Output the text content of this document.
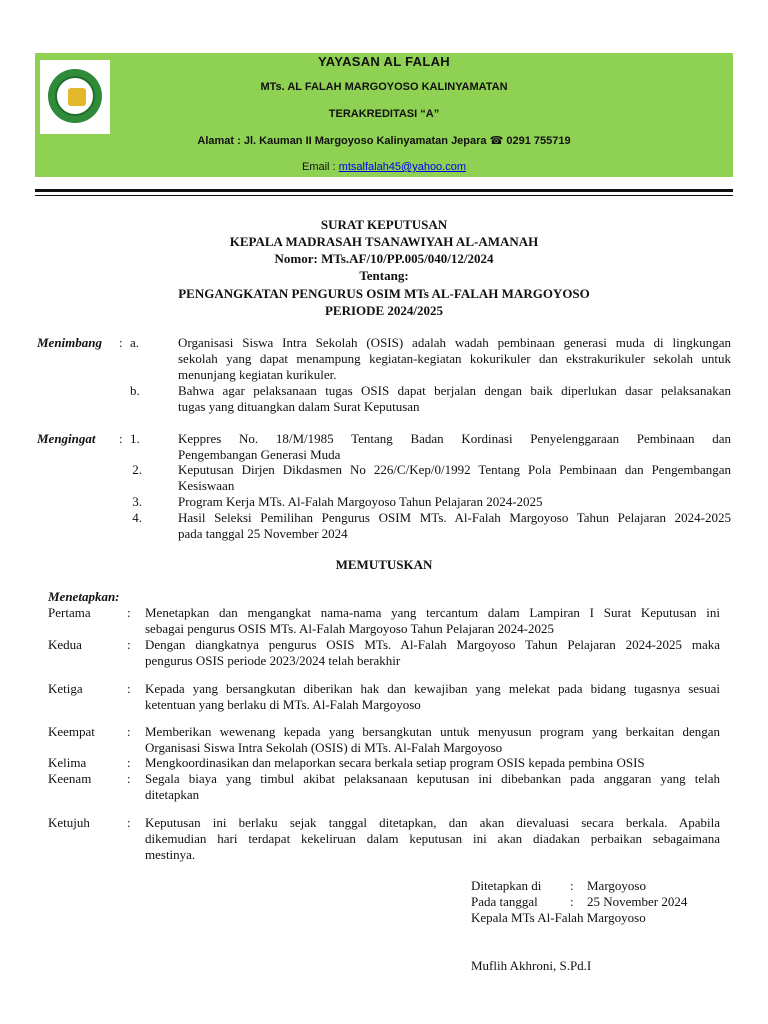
YAYASAN AL FALAH
MTs. AL FALAH MARGOYOSO KALINYAMATAN
TERAKREDITASI “A”
Alamat : Jl. Kauman II Margoyoso Kalinyamatan Jepara ☎ 0291 755719
Email : mtsalfalah45@yahoo.com
SURAT KEPUTUSAN
KEPALA MADRASAH TSANAWIYAH AL-AMANAH
Nomor: MTs.AF/10/PP.005/040/12/2024
Tentang:
PENGANGKATAN PENGURUS OSIM MTs AL-FALAH MARGOYOSO
PERIODE 2024/2025
Menimbang : a.	Organisasi Siswa Intra Sekolah (OSIS) adalah wadah pembinaan generasi muda di lingkungan
sekolah yang dapat menampung kegiatan-kegiatan kokurikuler dan ekstrakurikuler sekolah untuk
menunjang kegiatan kurikuler.
b.	Bahwa agar pelaksanaan tugas OSIS dapat berjalan dengan baik diperlukan dasar pelaksanakan
tugas yang dituangkan dalam Surat Keputusan
Mengingat : 1.	Keppres No. 18/M/1985 Tentang Badan Kordinasi Penyelenggaraan Pembinaan dan
Pengembangan Generasi Muda
2.	Keputusan Dirjen Dikdasmen No 226/C/Kep/0/1992 Tentang Pola Pembinaan dan Pengembangan
Kesiswaan
3.	Program Kerja MTs. Al-Falah Margoyoso Tahun Pelajaran 2024-2025
4.	Hasil Seleksi Pemilihan Pengurus OSIM MTs. Al-Falah Margoyoso Tahun Pelajaran 2024-2025
pada tanggal 25 November 2024
MEMUTUSKAN
Menetapkan:
Pertama	: Menetapkan dan mengangkat nama-nama yang tercantum dalam Lampiran I Surat Keputusan ini
sebagai pengurus OSIS MTs. Al-Falah Margoyoso Tahun Pelajaran 2024-2025
Kedua	: Dengan diangkatnya pengurus OSIS MTs. Al-Falah Margoyoso Tahun Pelajaran 2024-2025 maka
pengurus OSIS periode 2023/2024 telah berakhir
Ketiga	: Kepada yang bersangkutan diberikan hak dan kewajiban yang melekat pada bidang tugasnya sesuai
ketentuan yang berlaku di MTs. Al-Falah Margoyoso
Keempat : Memberikan wewenang kepada yang bersangkutan untuk menyusun program yang berkaitan dengan
Organisasi Siswa Intra Sekolah (OSIS) di MTs. Al-Falah Margoyoso
Kelima	: Mengkoordinasikan dan melaporkan secara berkala setiap program OSIS kepada pembina OSIS
Keenam	: Segala biaya yang timbul akibat pelaksanaan keputusan ini dibebankan pada anggaran yang telah
ditetapkan
Ketujuh	: Keputusan ini berlaku sejak tanggal ditetapkan, dan akan dievaluasi secara berkala. Apabila
dikemudian hari terdapat kekeliruan dalam keputusan ini akan diadakan perbaikan sebagaimana
mestinya.
Ditetapkan di : Margoyoso
Pada tanggal : 25 November 2024
Kepala MTs Al-Falah Margoyoso
Muflih Akhroni, S.Pd.I
